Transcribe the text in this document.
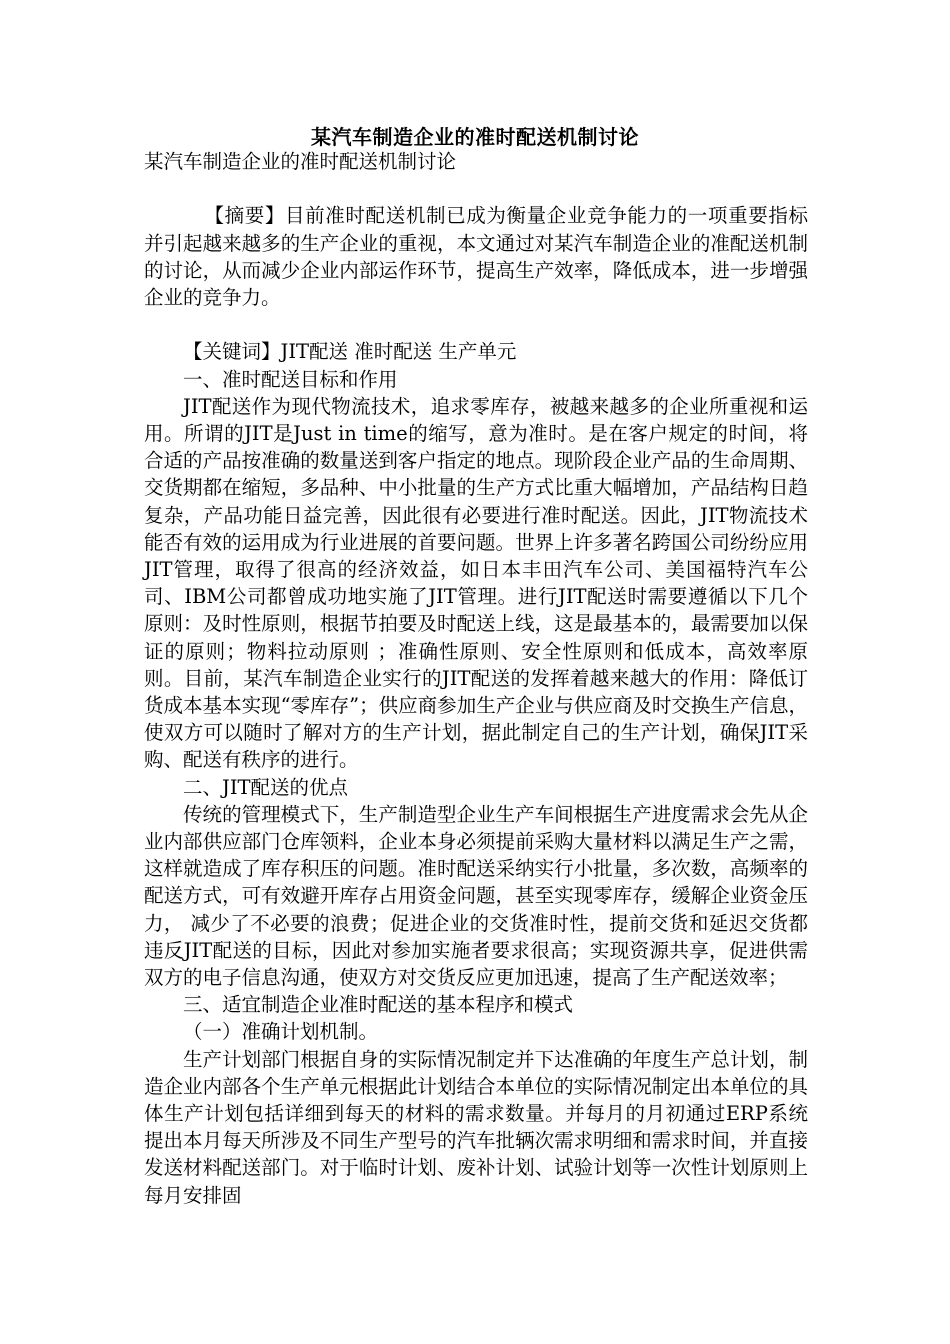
某汽车制造企业的准时配送机制讨论

某汽车制造企业的准时配送机制讨论

【摘要】目前准时配送机制已成为衡量企业竞争能力的一项重要指标并引起越来越多的生产企业的重视，本文通过对某汽车制造企业的准配送机制的讨论，从而减少企业内部运作环节，提高生产效率，降低成本，进一步增强企业的竞争力。

【关键词】JIT配送 准时配送 生产单元

一、准时配送目标和作用

JIT配送作为现代物流技术，追求零库存，被越来越多的企业所重视和运用。所谓的JIT是Just in time的缩写，意为准时。是在客户规定的时间，将合适的产品按准确的数量送到客户指定的地点。现阶段企业产品的生命周期、交货期都在缩短，多品种、中小批量的生产方式比重大幅增加，产品结构日趋复杂，产品功能日益完善，因此很有必要进行准时配送。因此，JIT物流技术能否有效的运用成为行业进展的首要问题。世界上许多著名跨国公司纷纷应用JIT管理，取得了很高的经济效益，如日本丰田汽车公司、美国福特汽车公司、IBM公司都曾成功地实施了JIT管理。进行JIT配送时需要遵循以下几个原则：及时性原则，根据节拍要及时配送上线，这是最基本的，最需要加以保证的原则；物料拉动原则 ；准确性原则、安全性原则和低成本，高效率原则。目前，某汽车制造企业实行的JIT配送的发挥着越来越大的作用：降低订货成本基本实现“零库存”；供应商参加生产企业与供应商及时交换生产信息，使双方可以随时了解对方的生产计划，据此制定自己的生产计划，确保JIT采购、配送有秩序的进行。

二、JIT配送的优点

传统的管理模式下，生产制造型企业生产车间根据生产进度需求会先从企业内部供应部门仓库领料，企业本身必须提前采购大量材料以满足生产之需，这样就造成了库存积压的问题。准时配送采纳实行小批量，多次数，高频率的配送方式，可有效避开库存占用资金问题，甚至实现零库存，缓解企业资金压力， 减少了不必要的浪费；促进企业的交货准时性，提前交货和延迟交货都违反JIT配送的目标，因此对参加实施者要求很高；实现资源共享，促进供需双方的电子信息沟通，使双方对交货反应更加迅速，提高了生产配送效率；

三、适宜制造企业准时配送的基本程序和模式

（一）准确计划机制。

生产计划部门根据自身的实际情况制定并下达准确的年度生产总计划，制造企业内部各个生产单元根据此计划结合本单位的实际情况制定出本单位的具体生产计划包括详细到每天的材料的需求数量。并每月的月初通过ERP系统提出本月每天所涉及不同生产型号的汽车批辆次需求明细和需求时间，并直接发送材料配送部门。对于临时计划、废补计划、试验计划等一次性计划原则上每月安排固
